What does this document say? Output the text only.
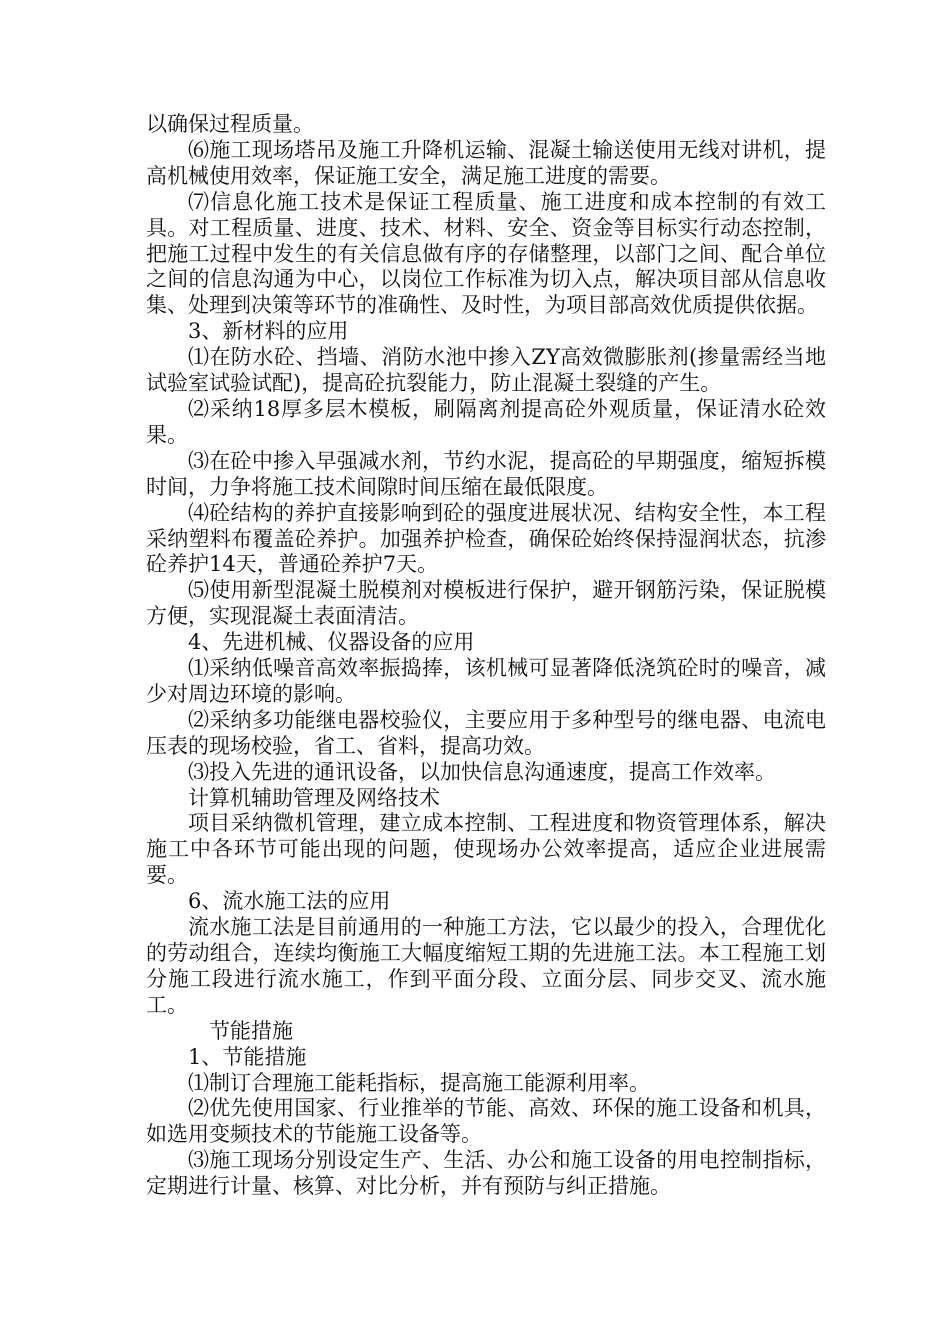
以确保过程质量。

⑹施工现场塔吊及施工升降机运输、混凝土输送使用无线对讲机，提高机械使用效率，保证施工安全，满足施工进度的需要。

⑺信息化施工技术是保证工程质量、施工进度和成本控制的有效工具。对工程质量、进度、技术、材料、安全、资金等目标实行动态控制，把施工过程中发生的有关信息做有序的存储整理，以部门之间、配合单位之间的信息沟通为中心，以岗位工作标准为切入点，解决项目部从信息收集、处理到决策等环节的准确性、及时性，为项目部高效优质提供依据。

3、新材料的应用

⑴在防水砼、挡墙、消防水池中掺入ZY高效微膨胀剂(掺量需经当地试验室试验试配)，提高砼抗裂能力，防止混凝土裂缝的产生。

⑵采纳18厚多层木模板，刷隔离剂提高砼外观质量，保证清水砼效果。

⑶在砼中掺入早强减水剂，节约水泥，提高砼的早期强度，缩短拆模时间，力争将施工技术间隙时间压缩在最低限度。

⑷砼结构的养护直接影响到砼的强度进展状况、结构安全性，本工程采纳塑料布覆盖砼养护。加强养护检查，确保砼始终保持湿润状态，抗渗砼养护14天，普通砼养护7天。

⑸使用新型混凝土脱模剂对模板进行保护，避开钢筋污染，保证脱模方便，实现混凝土表面清洁。

4、先进机械、仪器设备的应用

⑴采纳低噪音高效率振捣捧，该机械可显著降低浇筑砼时的噪音，减少对周边环境的影响。

⑵采纳多功能继电器校验仪，主要应用于多种型号的继电器、电流电压表的现场校验，省工、省料，提高功效。

⑶投入先进的通讯设备，以加快信息沟通速度，提高工作效率。

计算机辅助管理及网络技术

项目采纳微机管理，建立成本控制、工程进度和物资管理体系，解决施工中各环节可能出现的问题，使现场办公效率提高，适应企业进展需要。

6、流水施工法的应用

流水施工法是目前通用的一种施工方法，它以最少的投入，合理优化的劳动组合，连续均衡施工大幅度缩短工期的先进施工法。本工程施工划分施工段进行流水施工，作到平面分段、立面分层、同步交叉、流水施工。

节能措施

1、节能措施

⑴制订合理施工能耗指标，提高施工能源利用率。

⑵优先使用国家、行业推举的节能、高效、环保的施工设备和机具，如选用变频技术的节能施工设备等。

⑶施工现场分别设定生产、生活、办公和施工设备的用电控制指标，定期进行计量、核算、对比分析，并有预防与纠正措施。
